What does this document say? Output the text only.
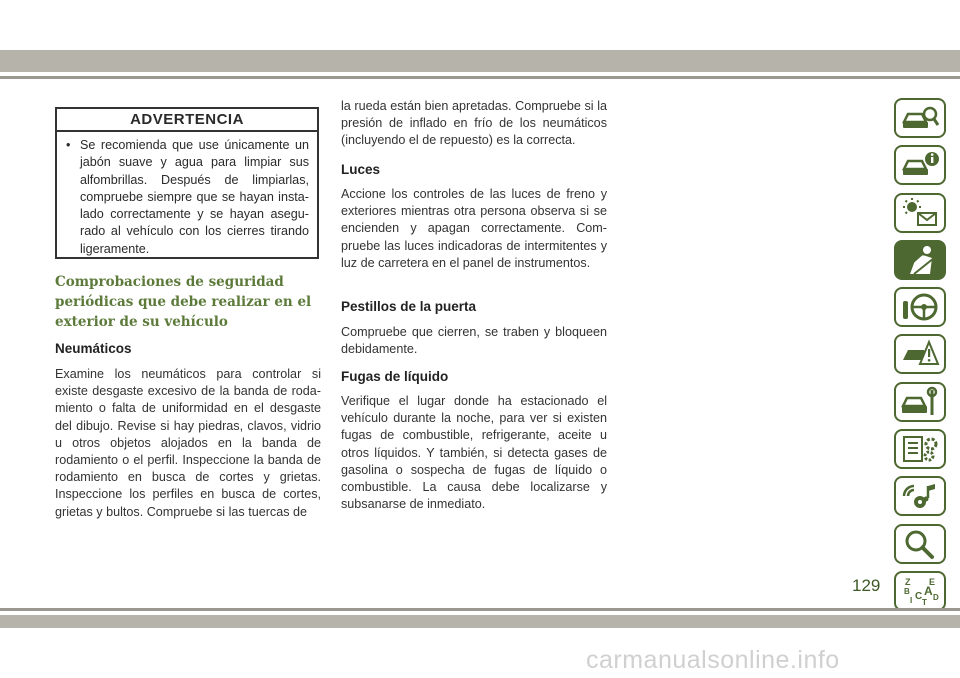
ADVERTENCIA
• Se recomienda que use únicamente un jabón suave y agua para limpiar sus alfombrillas. Después de limpiarlas, compruebe siempre que se hayan instalado correctamente y se hayan asegurado al vehículo con los cierres tirando ligeramente.
Comprobaciones de seguridad periódicas que debe realizar en el exterior de su vehículo
Neumáticos
Examine los neumáticos para controlar si existe desgaste excesivo de la banda de rodamiento o falta de uniformidad en el desgaste del dibujo. Revise si hay piedras, clavos, vidrio u otros objetos alojados en la banda de rodamiento o el perfil. Inspeccione la banda de rodamiento en busca de cortes y grietas. Inspeccione los perfiles en busca de cortes, grietas y bultos. Compruebe si las tuercas de
la rueda están bien apretadas. Compruebe si la presión de inflado en frío de los neumáticos (incluyendo el de repuesto) es la correcta.
Luces
Accione los controles de las luces de freno y exteriores mientras otra persona observa si se encienden y apagan correctamente. Compruebe las luces indicadoras de intermitentes y luz de carretera en el panel de instrumentos.
Pestillos de la puerta
Compruebe que cierren, se traben y bloqueen debidamente.
Fugas de líquido
Verifique el lugar donde ha estacionado el vehículo durante la noche, para ver si existen fugas de combustible, refrigerante, aceite u otros líquidos. Y también, si detecta gases de gasolina o sospecha de fugas de líquido o combustible. La causa debe localizarse y subsanarse de inmediato.
Z E
B A
I C
T
D
129
carmanualsonline.info
